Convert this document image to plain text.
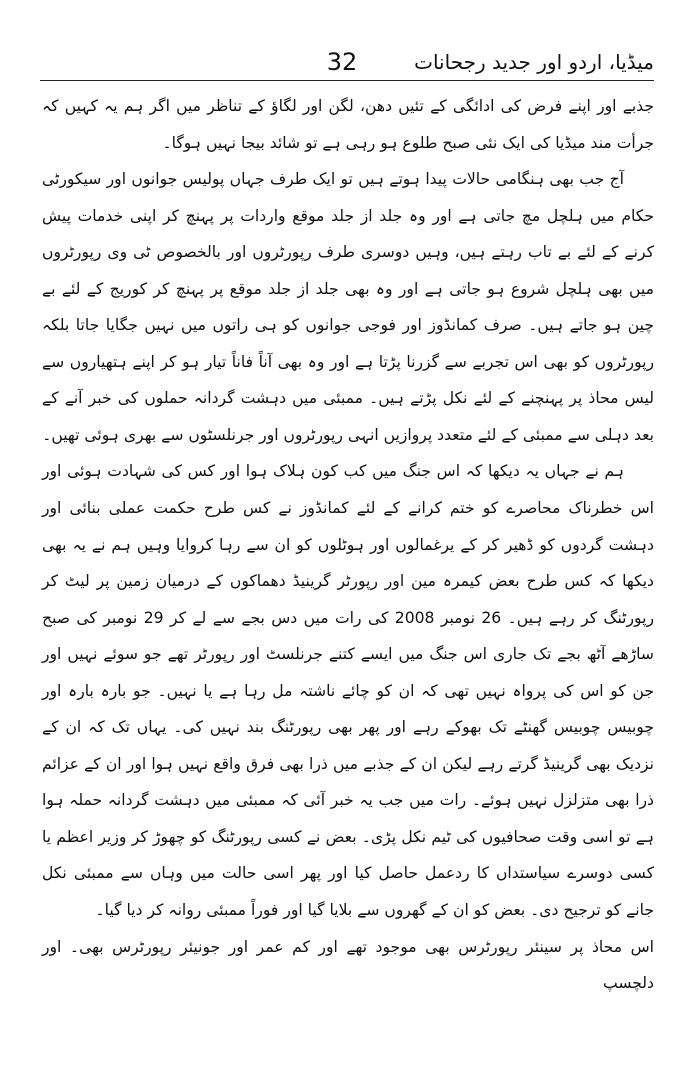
32	میڈیا، اردو اور جدید رجحانات

جذبے اور اپنے فرض کی ادائگی کے تئیں دھن، لگن اور لگاؤ کے تناظر میں اگر ہم یہ کہیں کہ جرأت مند میڈیا کی ایک نئی صبح طلوع ہو رہی ہے تو شائد بیجا نہیں ہوگا۔

آج جب بھی ہنگامی حالات پیدا ہوتے ہیں تو ایک طرف جہاں پولیس جوانوں اور سیکورٹی حکام میں ہلچل مچ جاتی ہے اور وہ جلد از جلد موقع واردات پر پہنچ کر اپنی خدمات پیش کرنے کے لئے بے تاب رہتے ہیں، وہیں دوسری طرف رپورٹروں اور بالخصوص ٹی وی رپورٹروں میں بھی ہلچل شروع ہو جاتی ہے اور وہ بھی جلد از جلد موقع پر پہنچ کر کوریج کے لئے بے چین ہو جاتے ہیں۔ صرف کمانڈوز اور فوجی جوانوں کو ہی راتوں میں نہیں جگایا جاتا بلکہ رپورٹروں کو بھی اس تجربے سے گزرنا پڑتا ہے اور وہ بھی آناً فاناً تیار ہو کر اپنے ہتھیاروں سے لیس محاذ پر پہنچنے کے لئے نکل پڑتے ہیں۔ ممبئی میں دہشت گردانہ حملوں کی خبر آنے کے بعد دہلی سے ممبئی کے لئے متعدد پروازیں انہی رپورٹروں اور جرنلسٹوں سے بھری ہوئی تھیں۔

ہم نے جہاں یہ دیکھا کہ اس جنگ میں کب کون ہلاک ہوا اور کس کی شہادت ہوئی اور اس خطرناک محاصرے کو ختم کرانے کے لئے کمانڈوز نے کس طرح حکمت عملی بنائی اور دہشت گردوں کو ڈھیر کر کے یرغمالوں اور ہوٹلوں کو ان سے رہا کروایا وہیں ہم نے یہ بھی دیکھا کہ کس طرح بعض کیمرہ مین اور رپورٹر گرینیڈ دھماکوں کے درمیان زمین پر لیٹ کر رپورٹنگ کر رہے ہیں۔ 26 نومبر 2008 کی رات میں دس بجے سے لے کر 29 نومبر کی صبح ساڑھے آٹھ بجے تک جاری اس جنگ میں ایسے کتنے جرنلسٹ اور رپورٹر تھے جو سوئے نہیں اور جن کو اس کی پرواہ نہیں تھی کہ ان کو چائے ناشتہ مل رہا ہے یا نہیں۔ جو بارہ بارہ اور چوبیس چوبیس گھنٹے تک بھوکے رہے اور پھر بھی رپورٹنگ بند نہیں کی۔ یہاں تک کہ ان کے نزدیک بھی گرینیڈ گرتے رہے لیکن ان کے جذبے میں ذرا بھی فرق واقع نہیں ہوا اور ان کے عزائم ذرا بھی متزلزل نہیں ہوئے۔ رات میں جب یہ خبر آئی کہ ممبئی میں دہشت گردانہ حملہ ہوا ہے تو اسی وقت صحافیوں کی ٹیم نکل پڑی۔ بعض نے کسی رپورٹنگ کو چھوڑ کر وزیر اعظم یا کسی دوسرے سیاستداں کا ردعمل حاصل کیا اور پھر اسی حالت میں وہاں سے ممبئی نکل جانے کو ترجیح دی۔ بعض کو ان کے گھروں سے بلایا گیا اور فوراً ممبئی روانہ کر دیا گیا۔

اس محاذ پر سینئر رپورٹرس بھی موجود تھے اور کم عمر اور جونیئر رپورٹرس بھی۔ اور دلچسپ
